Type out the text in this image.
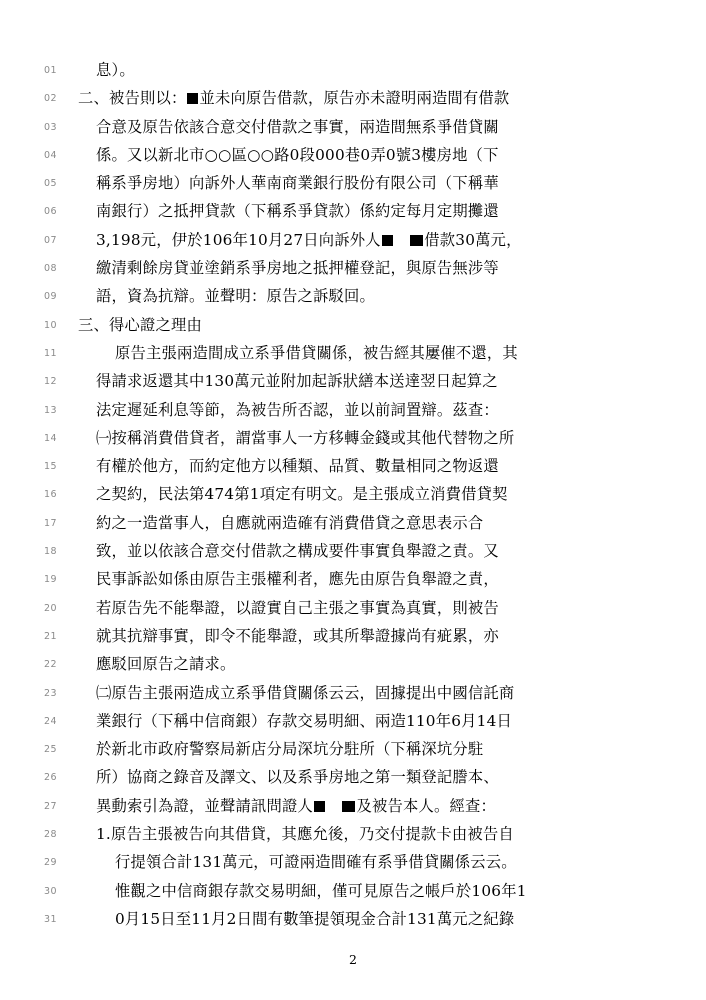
01	息）。
02	二、被告則以： 並未向原告借款，原告亦未證明兩造間有借款
03	合意及原告依該合意交付借款之事實，兩造間無系爭借貸關
04	係。又以新北市○○區○○路0段000巷0弄0號3樓房地（下
05	稱系爭房地）向訴外人華南商業銀行股份有限公司（下稱華
06	南銀行）之抵押貸款（下稱系爭貸款）係約定每月定期攤還
07	3,198元，伊於106年10月27日向訴外人 	借款30萬元，
08	繳清剩餘房貸並塗銷系爭房地之抵押權登記，與原告無涉等
09	語，資為抗辯。並聲明：原告之訴駁回。
10	三、得心證之理由
11	原告主張兩造間成立系爭借貸關係，被告經其屢催不還，其
12	得請求返還其中130萬元並附加起訴狀繕本送達翌日起算之
13	法定遲延利息等節，為被告所否認，並以前詞置辯。茲查：
14	㈠按稱消費借貸者，謂當事人一方移轉金錢或其他代替物之所
15	有權於他方，而約定他方以種類、品質、數量相同之物返還
16	之契約，民法第474第1項定有明文。是主張成立消費借貸契
17	約之一造當事人，自應就兩造確有消費借貸之意思表示合
18	致，並以依該合意交付借款之構成要件事實負舉證之責。又
19	民事訴訟如係由原告主張權利者，應先由原告負舉證之責，
20	若原告先不能舉證，以證實自己主張之事實為真實，則被告
21	就其抗辯事實，即令不能舉證，或其所舉證據尚有疵累，亦
22	應駁回原告之請求。
23	㈡原告主張兩造成立系爭借貸關係云云，固據提出中國信託商
24	業銀行（下稱中信商銀）存款交易明細、兩造110年6月14日
25	於新北市政府警察局新店分局深坑分駐所（下稱深坑分駐
26	所）協商之錄音及譯文、以及系爭房地之第一類登記謄本、
27	異動索引為證，並聲請訊問證人 	及被告本人。經查：
28	1.原告主張被告向其借貸，其應允後，乃交付提款卡由被告自
29	行提領合計131萬元，可證兩造間確有系爭借貸關係云云。
30	惟觀之中信商銀存款交易明細，僅可見原告之帳戶於106年1
31	0月15日至11月2日間有數筆提領現金合計131萬元之紀錄
2
